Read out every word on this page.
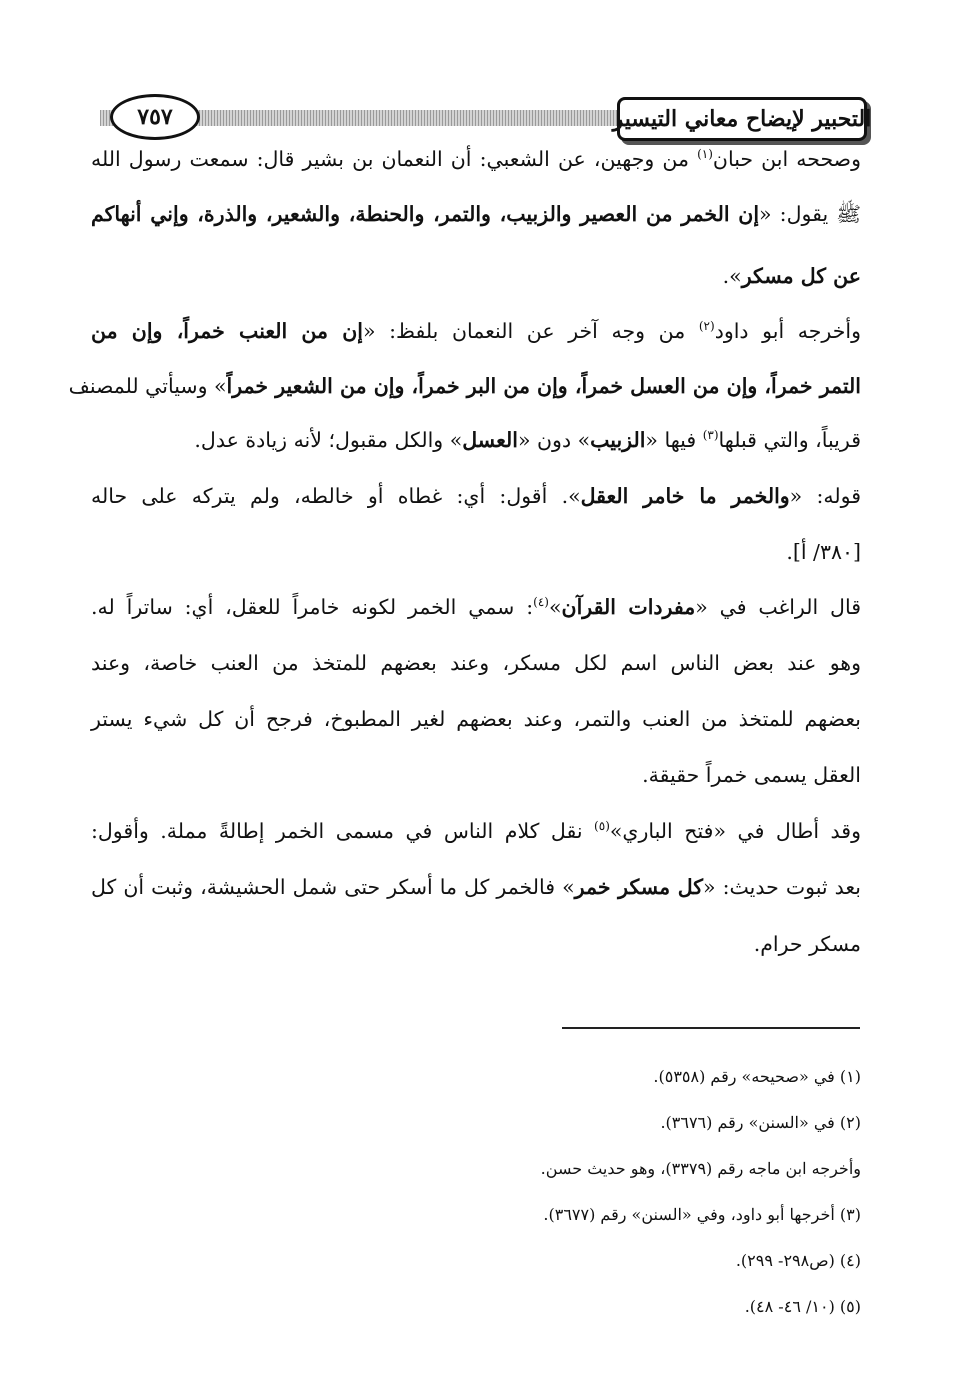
التحبير لإيضاح معاني التيسير
٧٥٧
وصححه ابن حبان$^{(١)}$ من وجهين، عن الشعبي: أن النعمان بن بشير قال: سمعت رسول الله
ﷺ يقول: «إن الخمر من العصير والزبيب، والتمر، والحنطة، والشعير، والذرة، وإني أنهاكم
عن كل مسكر».
وأخرجه أبو داود$^{(٢)}$ من وجه آخر عن النعمان بلفظ: «إن من العنب خمراً، وإن من
التمر خمراً، وإن من العسل خمراً، وإن من البر خمراً، وإن من الشعير خمراً» وسيأتي للمصنف
قريباً، والتي قبلها$^{(٣)}$ فيها «الزبيب» دون «العسل» والكل مقبول؛ لأنه زيادة عدل.
قوله: «والخمر ما خامر العقل». أقول: أي: غطاه أو خالطه، ولم يتركه على حاله
[٣٨٠/ أ].
قال الراغب في «مفردات القرآن»$^{(٤)}$: سمي الخمر لكونه خامراً للعقل، أي: ساتراً له.
وهو عند بعض الناس اسم لكل مسكر، وعند بعضهم للمتخذ من العنب خاصة، وعند
بعضهم للمتخذ من العنب والتمر، وعند بعضهم لغير المطبوخ، فرجح أن كل شيء يستر
العقل يسمى خمراً حقيقة.
وقد أطال في «فتح الباري»$^{(٥)}$ نقل كلام الناس في مسمى الخمر إطالةً مملة. وأقول:
بعد ثبوت حديث: «كل مسكر خمر» فالخمر كل ما أسكر حتى شمل الحشيشة، وثبت أن كل
مسكر حرام.
(١) في «صحيحه» رقم (٥٣٥٨).
(٢) في «السنن» رقم (٣٦٧٦).
وأخرجه ابن ماجه رقم (٣٣٧٩)، وهو حديث حسن.
(٣) أخرجها أبو داود، وفي «السنن» رقم (٣٦٧٧).
(٤) (ص٢٩٨- ٢٩٩).
(٥) (١٠/ ٤٦- ٤٨).
